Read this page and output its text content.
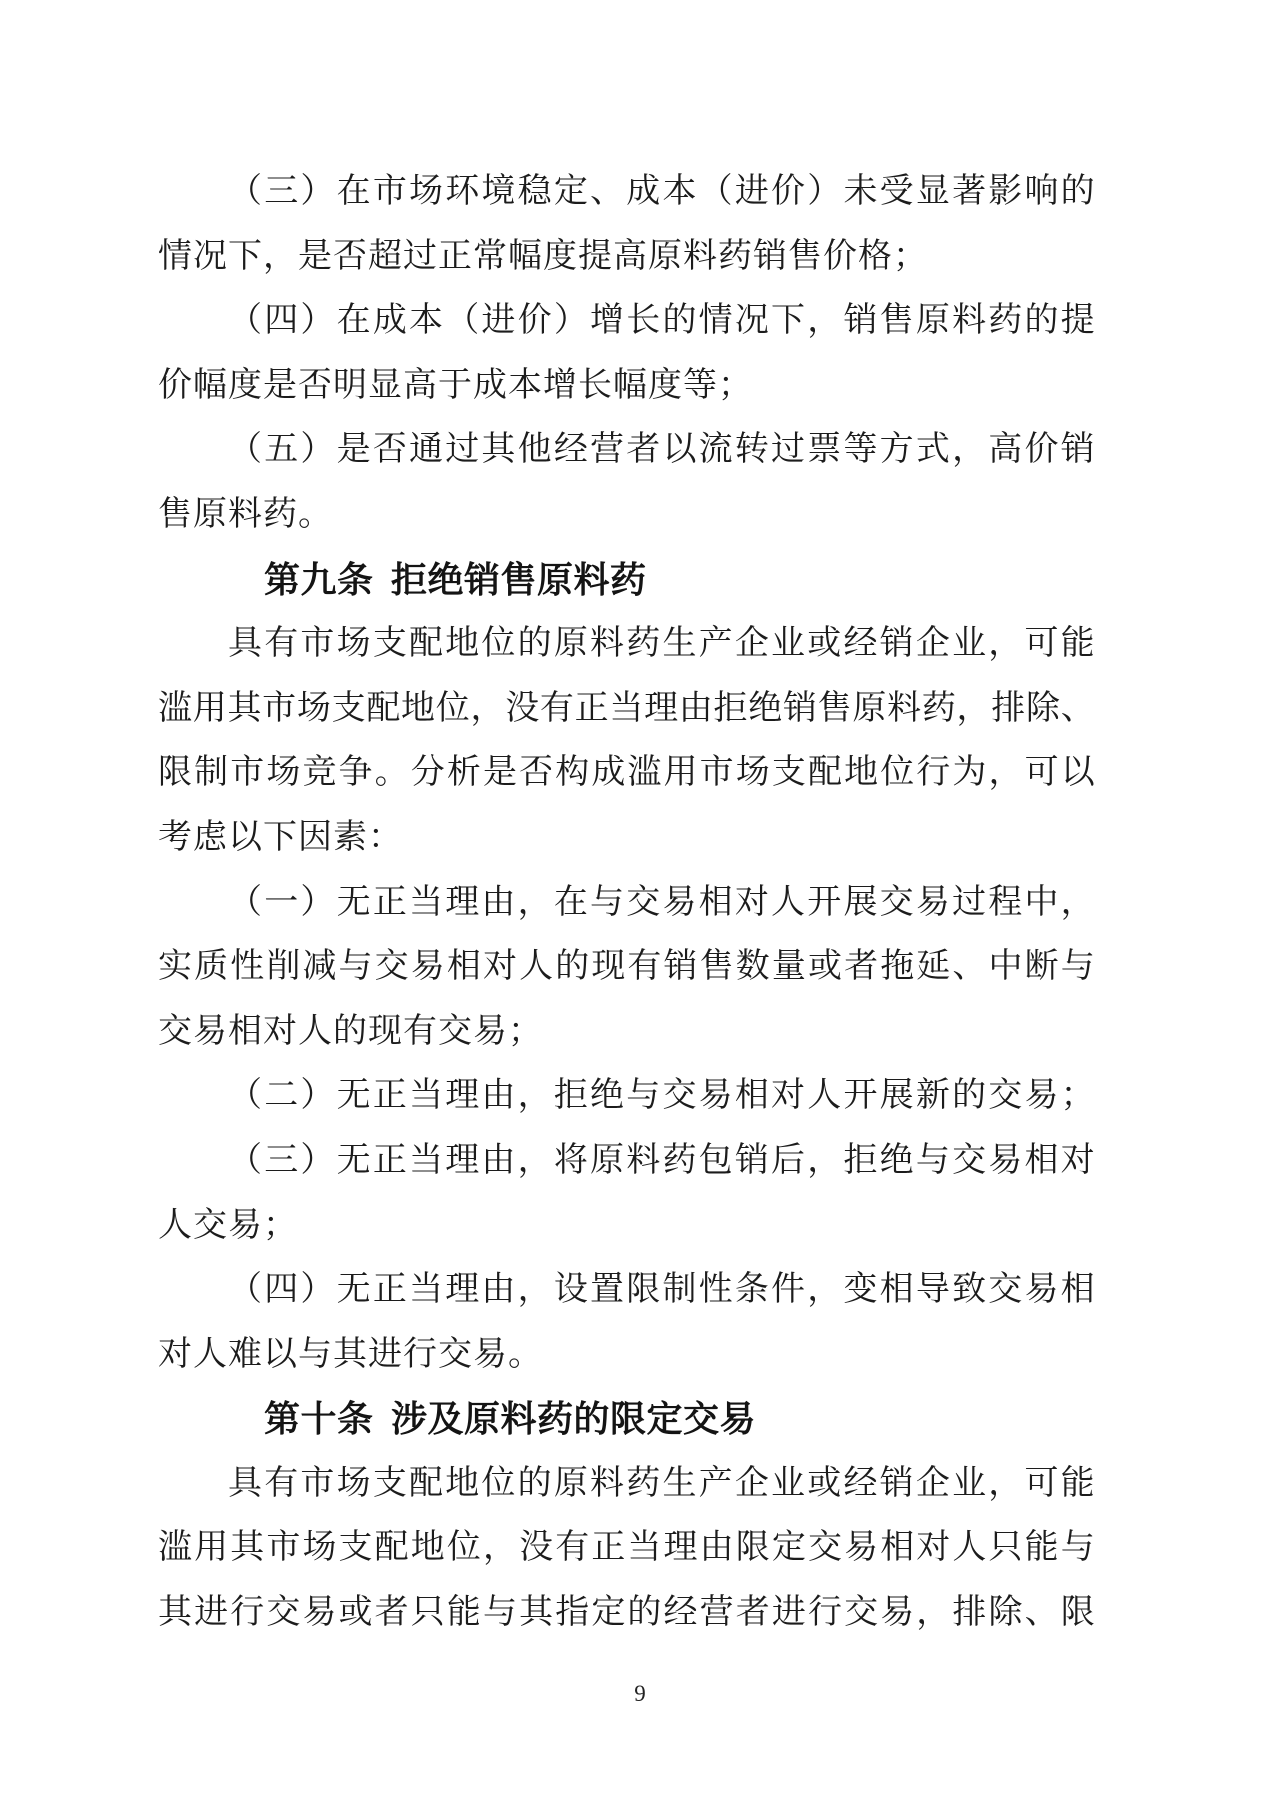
（ 三 ） 在 市 场 环 境 稳 定 、 成 本 （ 进 价 ） 未 受 显 著 影 响 的
情况下，是否超过正常幅度提高原料药销售价格；
（ 四 ） 在 成 本 （ 进 价 ） 增 长 的 情 况 下 ， 销 售 原 料 药 的 提
价幅度是否明显高于成本增长幅度等；
（ 五 ） 是 否 通 过 其 他 经 营 者 以 流 转 过 票 等 方 式 ， 高 价 销
售原料药。
第九条 拒绝销售原料药
具 有 市 场 支 配 地 位 的 原 料 药 生 产 企 业 或 经 销 企 业 ， 可 能
滥 用 其 市 场 支 配 地 位 ， 没 有 正 当 理 由 拒 绝 销 售 原 料 药 ， 排 除 、
限 制 市 场 竞 争 。 分 析 是 否 构 成 滥 用 市 场 支 配 地 位 行 为 ， 可 以
考虑以下因素：
（ 一 ） 无 正 当 理 由 ， 在 与 交 易 相 对 人 开 展 交 易 过 程 中 ，
实 质 性 削 减 与 交 易 相 对 人 的 现 有 销 售 数 量 或 者 拖 延 、 中 断 与
交易相对人的现有交易；
（ 二 ） 无 正 当 理 由 ， 拒 绝 与 交 易 相 对 人 开 展 新 的 交 易 ；
（ 三 ） 无 正 当 理 由 ， 将 原 料 药 包 销 后 ， 拒 绝 与 交 易 相 对
人交易；
（ 四 ） 无 正 当 理 由 ， 设 置 限 制 性 条 件 ， 变 相 导 致 交 易 相
对人难以与其进行交易。
第十条 涉及原料药的限定交易
具 有 市 场 支 配 地 位 的 原 料 药 生 产 企 业 或 经 销 企 业 ， 可 能
滥 用 其 市 场 支 配 地 位 ， 没 有 正 当 理 由 限 定 交 易 相 对 人 只 能 与
其 进 行 交 易 或 者 只 能 与 其 指 定 的 经 营 者 进 行 交 易 ， 排 除 、 限
9
